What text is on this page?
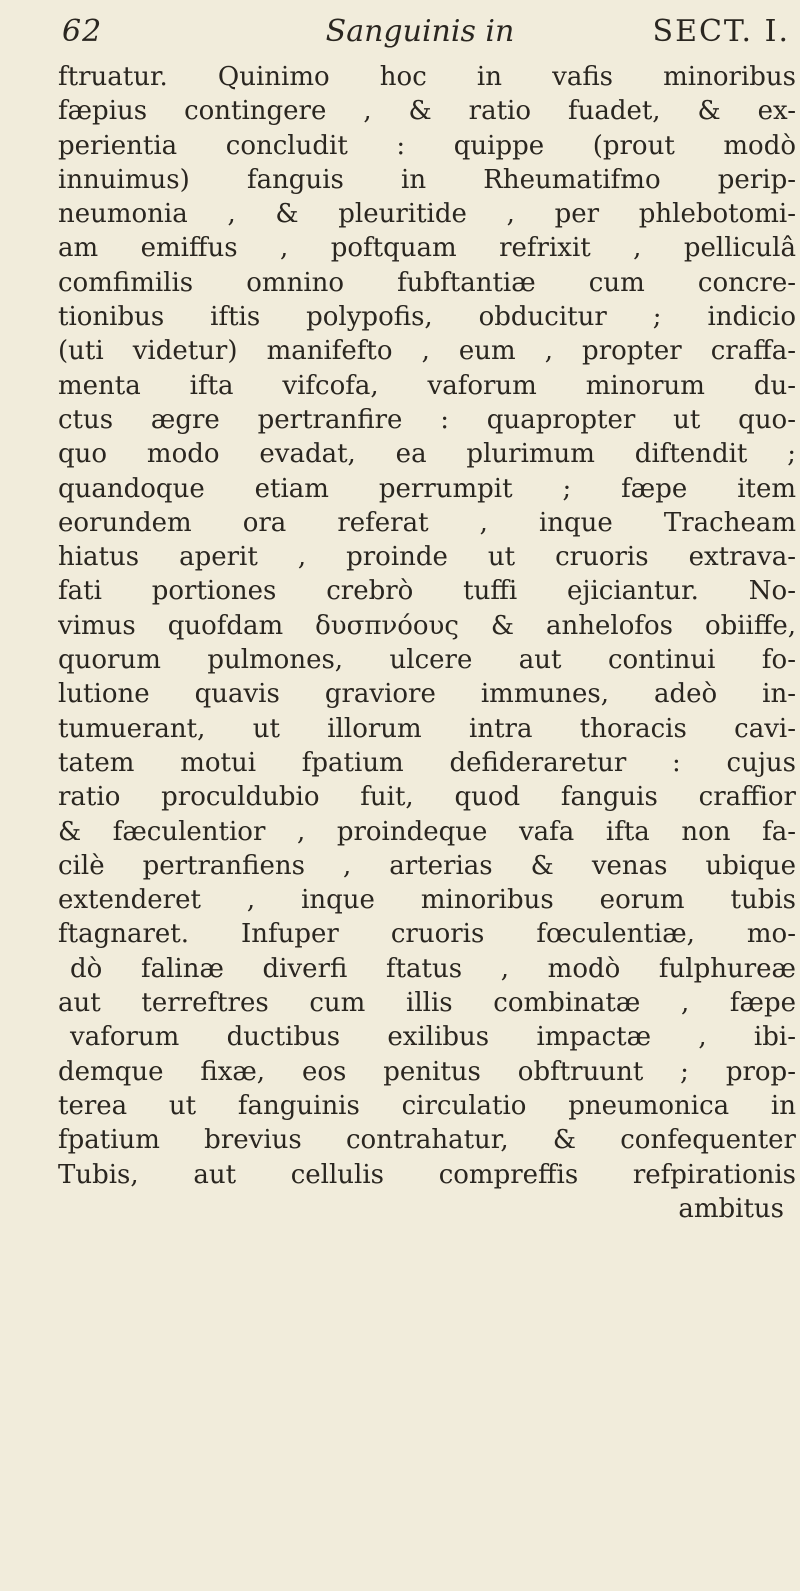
62	Sanguinis in	SECT. I.
ftruatur. Quinimo hoc in vafis minoribus
fæpius contingere , & ratio fuadet, & ex-
perientia concludit : quippe (prout modò
innuimus) fanguis in Rheumatifmo perip-
neumonia , & pleuritide , per phlebotomi-
am emiffus , poftquam refrixit , pelliculâ
comfimilis omnino fubftantiæ cum concre-
tionibus iftis polypofis, obducitur ; indicio
(uti videtur) manifefto , eum , propter craffa-
menta ifta vifcofa, vaforum minorum du-
ctus ægre pertranfire : quapropter ut quo-
quo modo evadat, ea plurimum diftendit ;
quandoque etiam perrumpit ; fæpe item
eorundem ora referat , inque Tracheam
hiatus aperit , proinde ut cruoris extrava-
fati portiones crebrò tuffi ejiciantur. No-
vimus quofdam δυσπνόους & anhelofos obiiffe,
quorum pulmones, ulcere aut continui fo-
lutione quavis graviore immunes, adeò in-
tumuerant, ut illorum intra thoracis cavi-
tatem motui fpatium defideraretur : cujus
ratio proculdubio fuit, quod fanguis craffior
& fæculentior , proindeque vafa ifta non fa-
cilè pertranfiens , arterias & venas ubique
extenderet , inque minoribus eorum tubis
ftagnaret. Infuper cruoris fœculentiæ, mo-
dò falinæ diverfi ftatus , modò fulphureæ
aut terreftres cum illis combinatæ , fæpe
vaforum ductibus exilibus impactæ , ibi-
demque fixæ, eos penitus obftruunt ; prop-
terea ut fanguinis circulatio pneumonica in
fpatium brevius contrahatur, & confequenter
Tubis, aut cellulis compreffis refpirationis
ambitus
